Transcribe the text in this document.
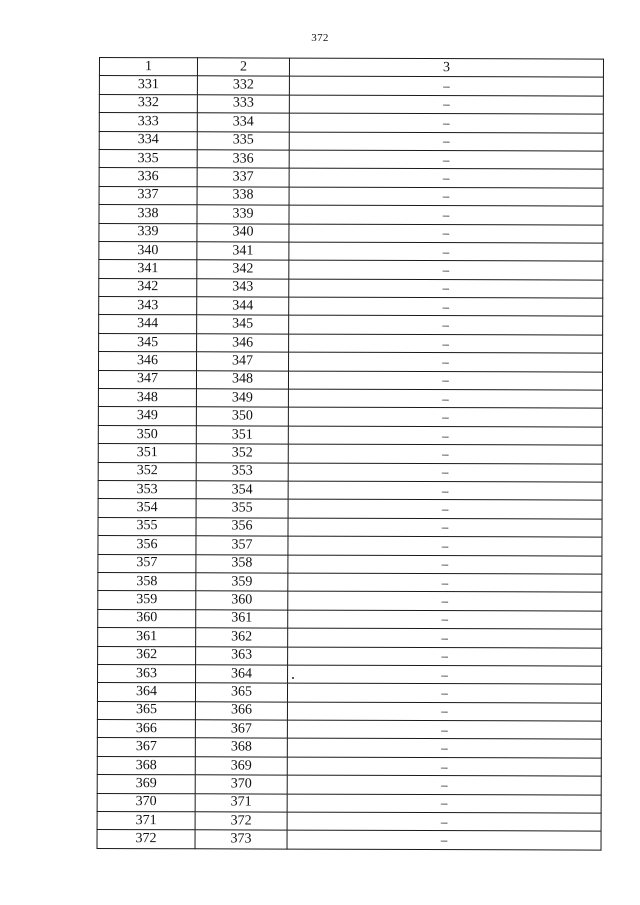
372
1	2	3
331	332	–
332	333	–
333	334	–
334	335	–
335	336	–
336	337	–
337	338	–
338	339	–
339	340	–
340	341	–
341	342	–
342	343	–
343	344	–
344	345	–
345	346	–
346	347	–
347	348	–
348	349	–
349	350	–
350	351	–
351	352	–
352	353	–
353	354	–
354	355	–
355	356	–
356	357	–
357	358	–
358	359	–
359	360	–
360	361	–
361	362	–
362	363	–
363	364	–
364	365	–
365	366	–
366	367	–
367	368	–
368	369	–
369	370	–
370	371	–
371	372	–
372	373	–
